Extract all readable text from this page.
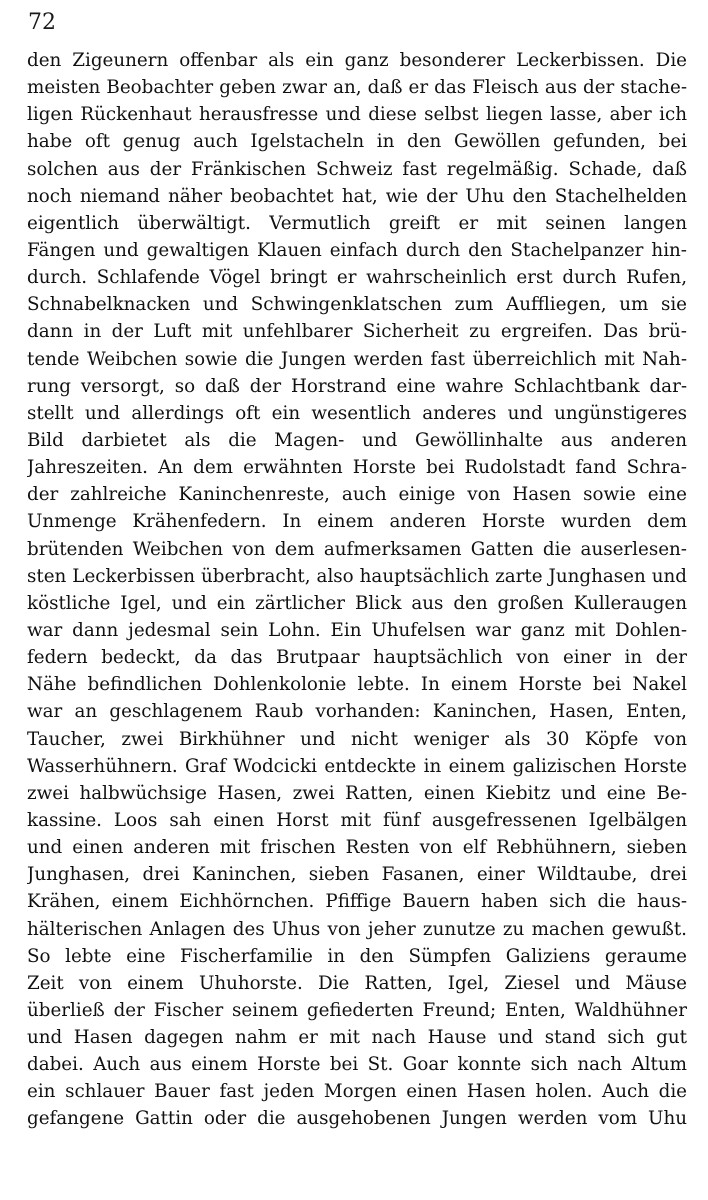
72
den Zigeunern offenbar als ein ganz besonderer Leckerbissen. Die
meisten Beobachter geben zwar an, daß er das Fleisch aus der stache-
ligen Rückenhaut herausfresse und diese selbst liegen lasse, aber ich
habe oft genug auch Igelstacheln in den Gewöllen gefunden, bei
solchen aus der Fränkischen Schweiz fast regelmäßig. Schade, daß
noch niemand näher beobachtet hat, wie der Uhu den Stachelhelden
eigentlich überwältigt. Vermutlich greift er mit seinen langen
Fängen und gewaltigen Klauen einfach durch den Stachelpanzer hin-
durch. Schlafende Vögel bringt er wahrscheinlich erst durch Rufen,
Schnabelknacken und Schwingenklatschen zum Auffliegen, um sie
dann in der Luft mit unfehlbarer Sicherheit zu ergreifen. Das brü-
tende Weibchen sowie die Jungen werden fast überreichlich mit Nah-
rung versorgt, so daß der Horstrand eine wahre Schlachtbank dar-
stellt und allerdings oft ein wesentlich anderes und ungünstigeres
Bild darbietet als die Magen- und Gewöllinhalte aus anderen
Jahreszeiten. An dem erwähnten Horste bei Rudolstadt fand Schra-
der zahlreiche Kaninchenreste, auch einige von Hasen sowie eine
Unmenge Krähenfedern. In einem anderen Horste wurden dem
brütenden Weibchen von dem aufmerksamen Gatten die auserlesen-
sten Leckerbissen überbracht, also hauptsächlich zarte Junghasen und
köstliche Igel, und ein zärtlicher Blick aus den großen Kulleraugen
war dann jedesmal sein Lohn. Ein Uhufelsen war ganz mit Dohlen-
federn bedeckt, da das Brutpaar hauptsächlich von einer in der
Nähe befindlichen Dohlenkolonie lebte. In einem Horste bei Nakel
war an geschlagenem Raub vorhanden: Kaninchen, Hasen, Enten,
Taucher, zwei Birkhühner und nicht weniger als 30 Köpfe von
Wasserhühnern. Graf Wodcicki entdeckte in einem galizischen Horste
zwei halbwüchsige Hasen, zwei Ratten, einen Kiebitz und eine Be-
kassine. Loos sah einen Horst mit fünf ausgefressenen Igelbälgen
und einen anderen mit frischen Resten von elf Rebhühnern, sieben
Junghasen, drei Kaninchen, sieben Fasanen, einer Wildtaube, drei
Krähen, einem Eichhörnchen. Pfiffige Bauern haben sich die haus-
hälterischen Anlagen des Uhus von jeher zunutze zu machen gewußt.
So lebte eine Fischerfamilie in den Sümpfen Galiziens geraume
Zeit von einem Uhuhorste. Die Ratten, Igel, Ziesel und Mäuse
überließ der Fischer seinem gefiederten Freund; Enten, Waldhühner
und Hasen dagegen nahm er mit nach Hause und stand sich gut
dabei. Auch aus einem Horste bei St. Goar konnte sich nach Altum
ein schlauer Bauer fast jeden Morgen einen Hasen holen. Auch die
gefangene Gattin oder die ausgehobenen Jungen werden vom Uhu
